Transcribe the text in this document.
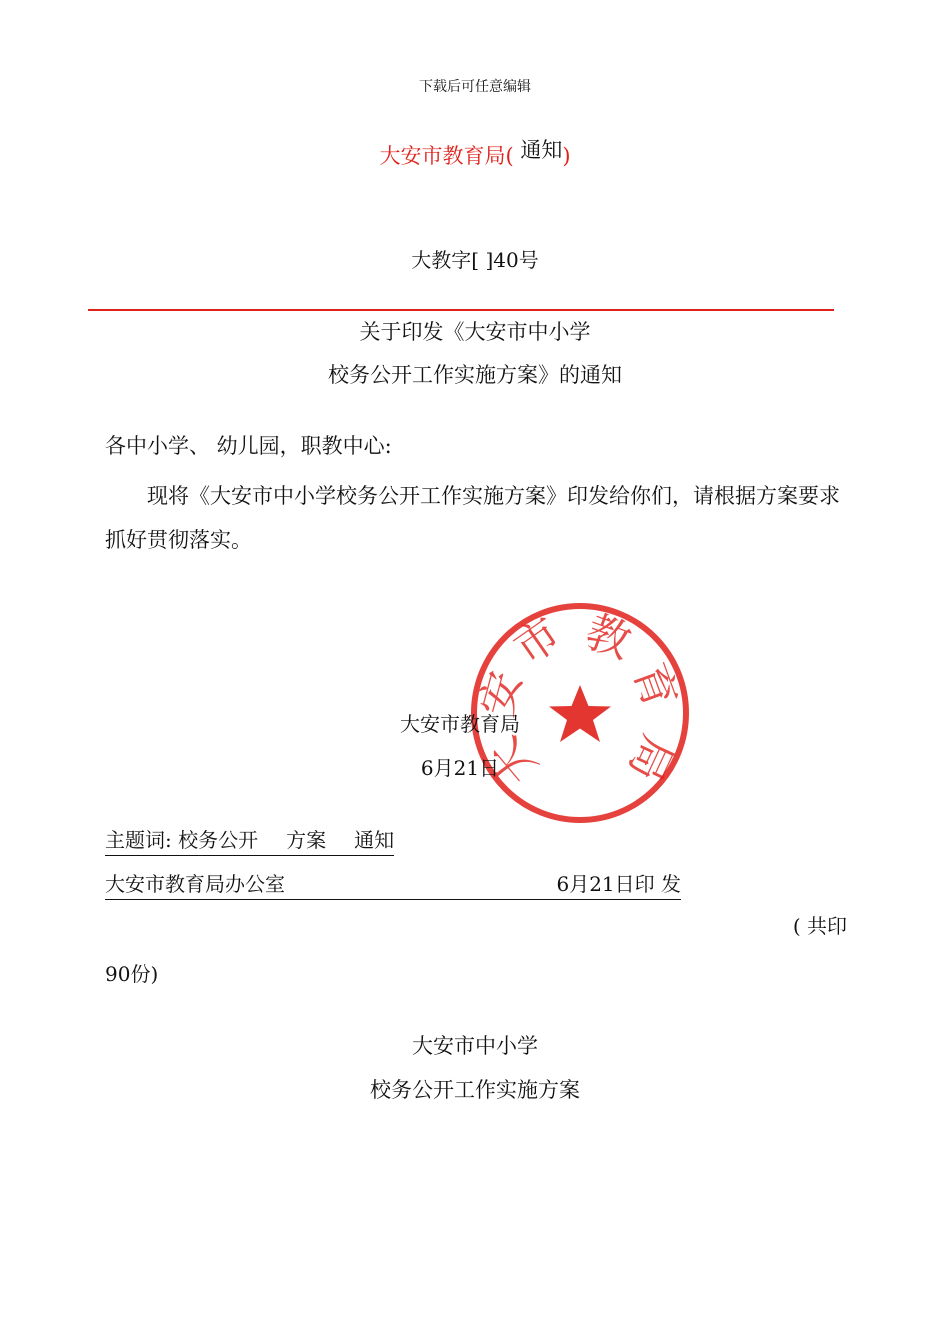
下载后可任意编辑
大安市教育局( 通知)
大教字[ ]40号
关于印发《大安市中小学
校务公开工作实施方案》的通知
各中小学、 幼儿园，职教中心:
现将《大安市中小学校务公开工作实施方案》印发给你们，请根据方案要求抓好贯彻落实。
大
安
市 教
育
局
大安市教育局
6月21日
主题词: 校务公开 方案 通知
大安市教育局办公室	6月21日印 发
( 共印
90份)
大安市中小学
校务公开工作实施方案
